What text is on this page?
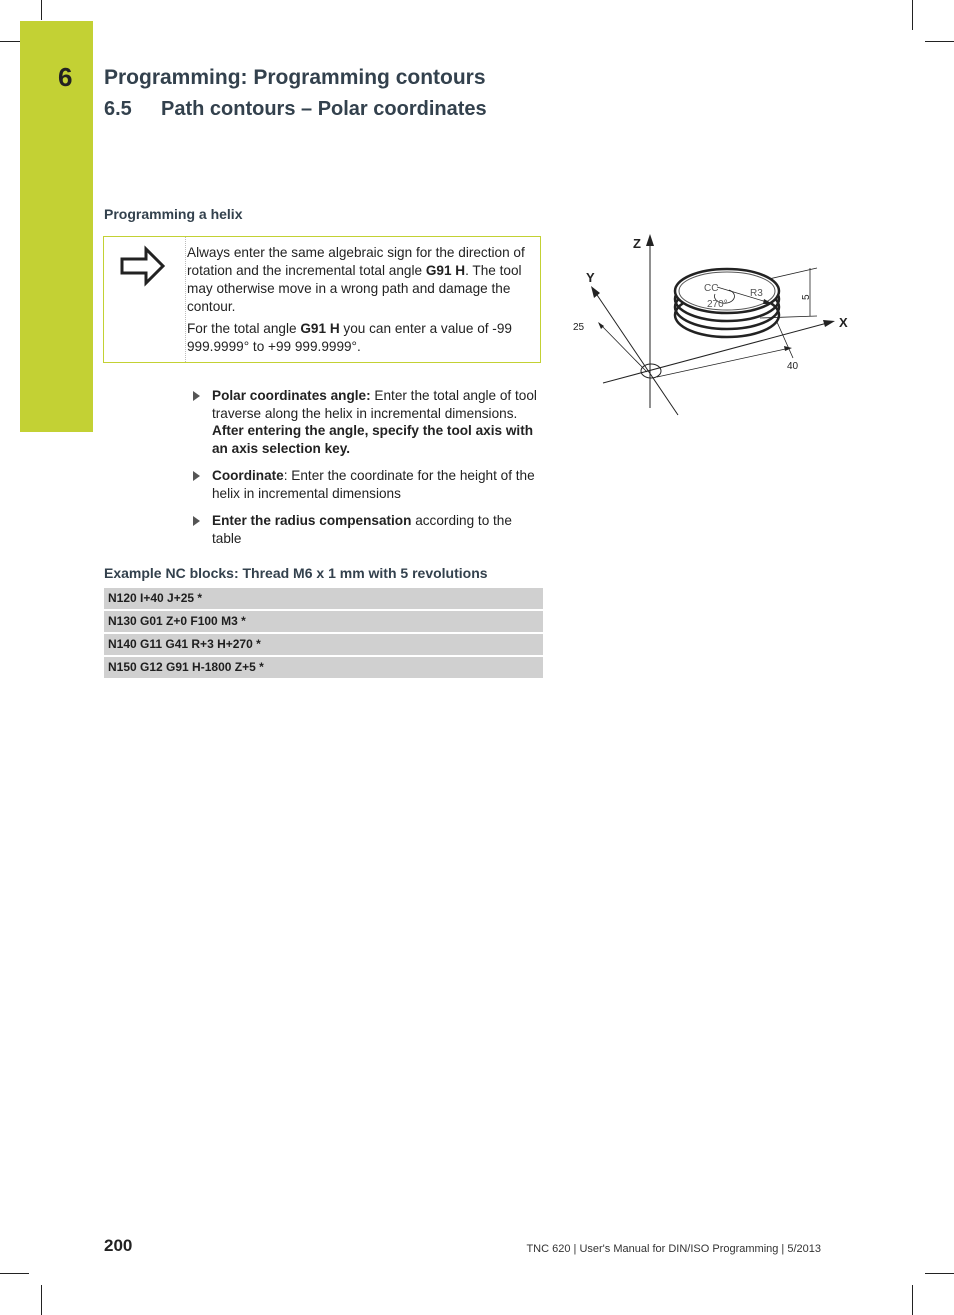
6 Programming: Programming contours
6.5 Path contours – Polar coordinates
Programming a helix

Always enter the same algebraic sign for the direction of rotation and the incremental total angle G91 H. The tool may otherwise move in a wrong path and damage the contour.

For the total angle G91 H you can enter a value of -99 999.9999° to +99 999.9999°.

Polar coordinates angle: Enter the total angle of tool traverse along the helix in incremental dimensions. After entering the angle, specify the tool axis with an axis selection key.
Coordinate: Enter the coordinate for the height of the helix in incremental dimensions
Enter the radius compensation according to the table
Example NC blocks: Thread M6 x 1 mm with 5 revolutions
N120 I+40 J+25 *
N130 G01 Z+0 F100 M3 *
N140 G11 G41 R+3 H+270 *
N150 G12 G91 H-1800 Z+5 *
Z
Y
X
25
40
5
CC	R3
270°
200	TNC 620 | User's Manual for DIN/ISO Programming | 5/2013
